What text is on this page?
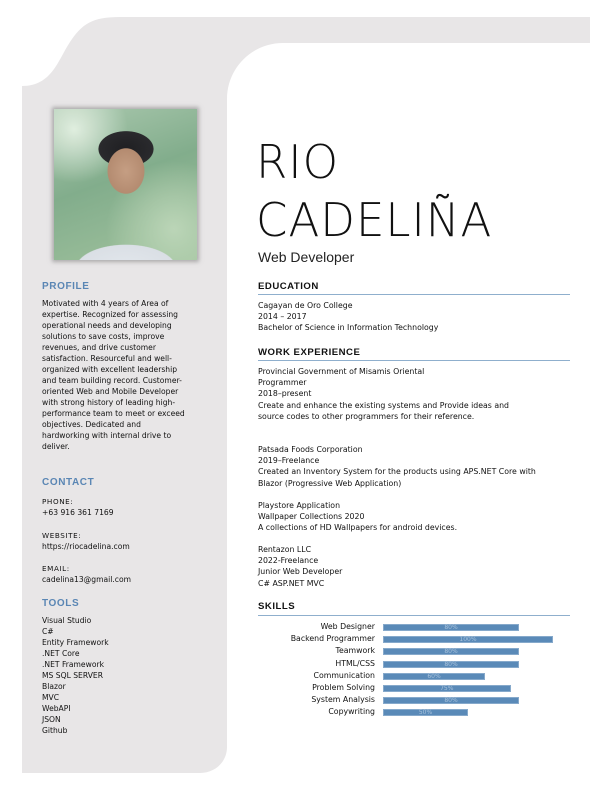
RIO
CADELIÑA
Web Developer
PROFILE
Motivated with 4 years of Area of
expertise. Recognized for assessing
operational needs and developing
solutions to save costs, improve
revenues, and drive customer
satisfaction. Resourceful and well-
organized with excellent leadership
and team building record. Customer-
oriented Web and Mobile Developer
with strong history of leading high-
performance team to meet or exceed
objectives. Dedicated and
hardworking with internal drive to
deliver.
CONTACT
PHONE:
+63 916 361 7169
WEBSITE:
https://riocadelina.com
EMAIL:
cadelina13@gmail.com
TOOLS
Visual Studio
C#
Entity Framework
.NET Core
.NET Framework
MS SQL SERVER
Blazor
MVC
WebAPI
JSON
Github
EDUCATION
Cagayan de Oro College
2014 – 2017
Bachelor of Science in Information Technology
WORK EXPERIENCE
Provincial Government of Misamis Oriental
Programmer
2018–present
Create and enhance the existing systems and Provide ideas and
source codes to other programmers for their reference.
Patsada Foods Corporation
2019–Freelance
Created an Inventory System for the products using APS.NET Core with
Blazor (Progressive Web Application)
Playstore Application
Wallpaper Collections 2020
A collections of HD Wallpapers for android devices.
Rentazon LLC
2022-Freelance
Junior Web Developer
C# ASP.NET MVC
SKILLS
Web Designer	80%
Backend Programmer	100%
Teamwork	80%
HTML/CSS	80%
Communication	60%
Problem Solving	75%
System Analysis	80%
Copywriting	50%
